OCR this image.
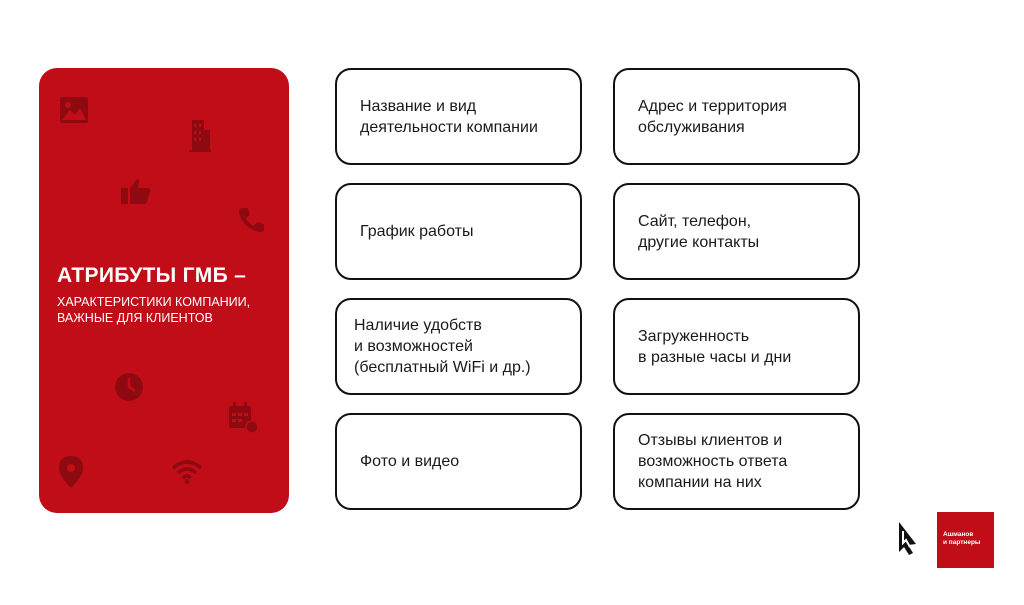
АТРИБУТЫ ГМБ –
ХАРАКТЕРИСТИКИ КОМПАНИИ, ВАЖНЫЕ ДЛЯ КЛИЕНТОВ
Название и вид
деятельности компании
Адрес и территория
обслуживания
График работы
Сайт, телефон,
другие контакты
Наличие удобств
и возможностей
(бесплатный WiFi и др.)
Загруженность
в разные часы и дни
Фото и видео
Отзывы клиентов и
возможность ответа
компании на них
Ашманов
и партнеры
